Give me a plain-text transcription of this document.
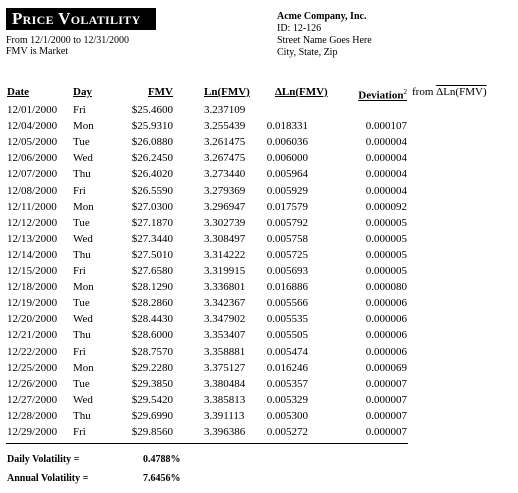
Price Volatility
From 12/1/2000 to 12/31/2000
FMV is Market
Acme Company, Inc.
ID: 12-126
Street Name Goes Here
City, State, Zip
Date	Day	FMV	Ln(FMV) ΔLn(FMV)	Deviation$^2$ from ΔLn(FMV)
12/01/2000 Fri	$25.4600	3.237109
12/04/2000 Mon	$25.9310	3.255439 0.018331	0.000107
12/05/2000 Tue	$26.0880	3.261475 0.006036	0.000004
12/06/2000 Wed	$26.2450	3.267475 0.006000	0.000004
12/07/2000 Thu	$26.4020	3.273440 0.005964	0.000004
12/08/2000 Fri	$26.5590	3.279369 0.005929	0.000004
12/11/2000 Mon	$27.0300	3.296947 0.017579	0.000092
12/12/2000 Tue	$27.1870	3.302739 0.005792	0.000005
12/13/2000 Wed	$27.3440	3.308497 0.005758	0.000005
12/14/2000 Thu	$27.5010	3.314222 0.005725	0.000005
12/15/2000 Fri	$27.6580	3.319915 0.005693	0.000005
12/18/2000 Mon	$28.1290	3.336801 0.016886	0.000080
12/19/2000 Tue	$28.2860	3.342367 0.005566	0.000006
12/20/2000 Wed	$28.4430	3.347902 0.005535	0.000006
12/21/2000 Thu	$28.6000	3.353407 0.005505	0.000006
12/22/2000 Fri	$28.7570	3.358881 0.005474	0.000006
12/25/2000 Mon	$29.2280	3.375127 0.016246	0.000069
12/26/2000 Tue	$29.3850	3.380484 0.005357	0.000007
12/27/2000 Wed	$29.5420	3.385813 0.005329	0.000007
12/28/2000 Thu	$29.6990	3.391113 0.005300	0.000007
12/29/2000 Fri	$29.8560	3.396386 0.005272	0.000007
Daily Volatility =	0.4788%
Annual Volatility =	7.6456%
